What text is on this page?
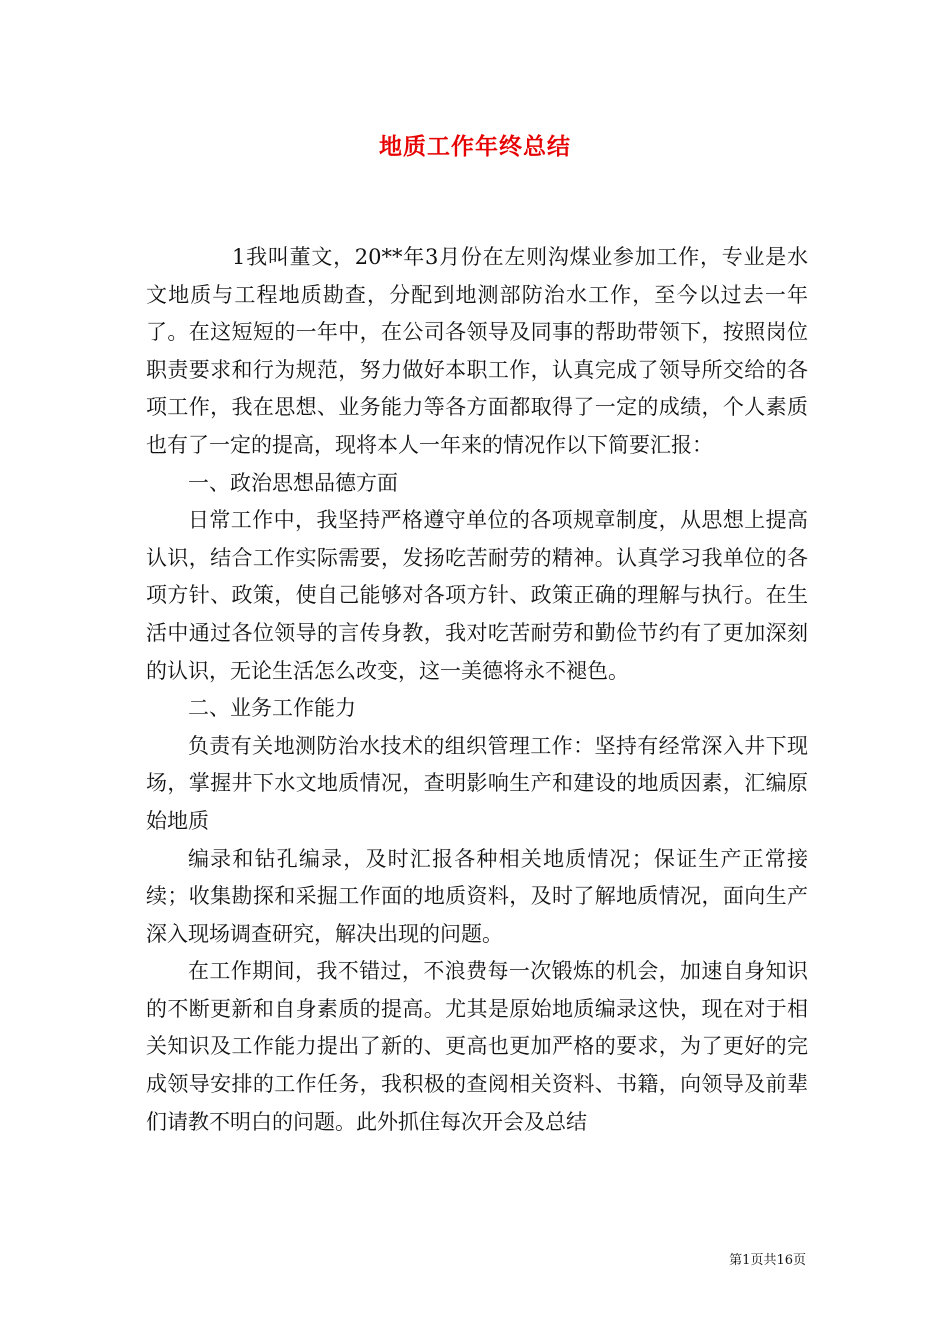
地质工作年终总结

1我叫董文，20**年3月份在左则沟煤业参加工作，专业是水文地质与工程地质勘查，分配到地测部防治水工作，至今以过去一年了。在这短短的一年中，在公司各领导及同事的帮助带领下，按照岗位职责要求和行为规范，努力做好本职工作，认真完成了领导所交给的各项工作，我在思想、业务能力等各方面都取得了一定的成绩，个人素质也有了一定的提高，现将本人一年来的情况作以下简要汇报：

一、政治思想品德方面

日常工作中，我坚持严格遵守单位的各项规章制度，从思想上提高认识，结合工作实际需要，发扬吃苦耐劳的精神。认真学习我单位的各项方针、政策，使自己能够对各项方针、政策正确的理解与执行。在生活中通过各位领导的言传身教，我对吃苦耐劳和勤俭节约有了更加深刻的认识，无论生活怎么改变，这一美德将永不褪色。

二、业务工作能力

负责有关地测防治水技术的组织管理工作：坚持有经常深入井下现场，掌握井下水文地质情况，查明影响生产和建设的地质因素，汇编原始地质

编录和钻孔编录，及时汇报各种相关地质情况；保证生产正常接续；收集勘探和采掘工作面的地质资料，及时了解地质情况，面向生产深入现场调查研究，解决出现的问题。

在工作期间，我不错过，不浪费每一次锻炼的机会，加速自身知识的不断更新和自身素质的提高。尤其是原始地质编录这快，现在对于相关知识及工作能力提出了新的、更高也更加严格的要求，为了更好的完成领导安排的工作任务，我积极的查阅相关资料、书籍，向领导及前辈们请教不明白的问题。此外抓住每次开会及总结

第1页共16页
